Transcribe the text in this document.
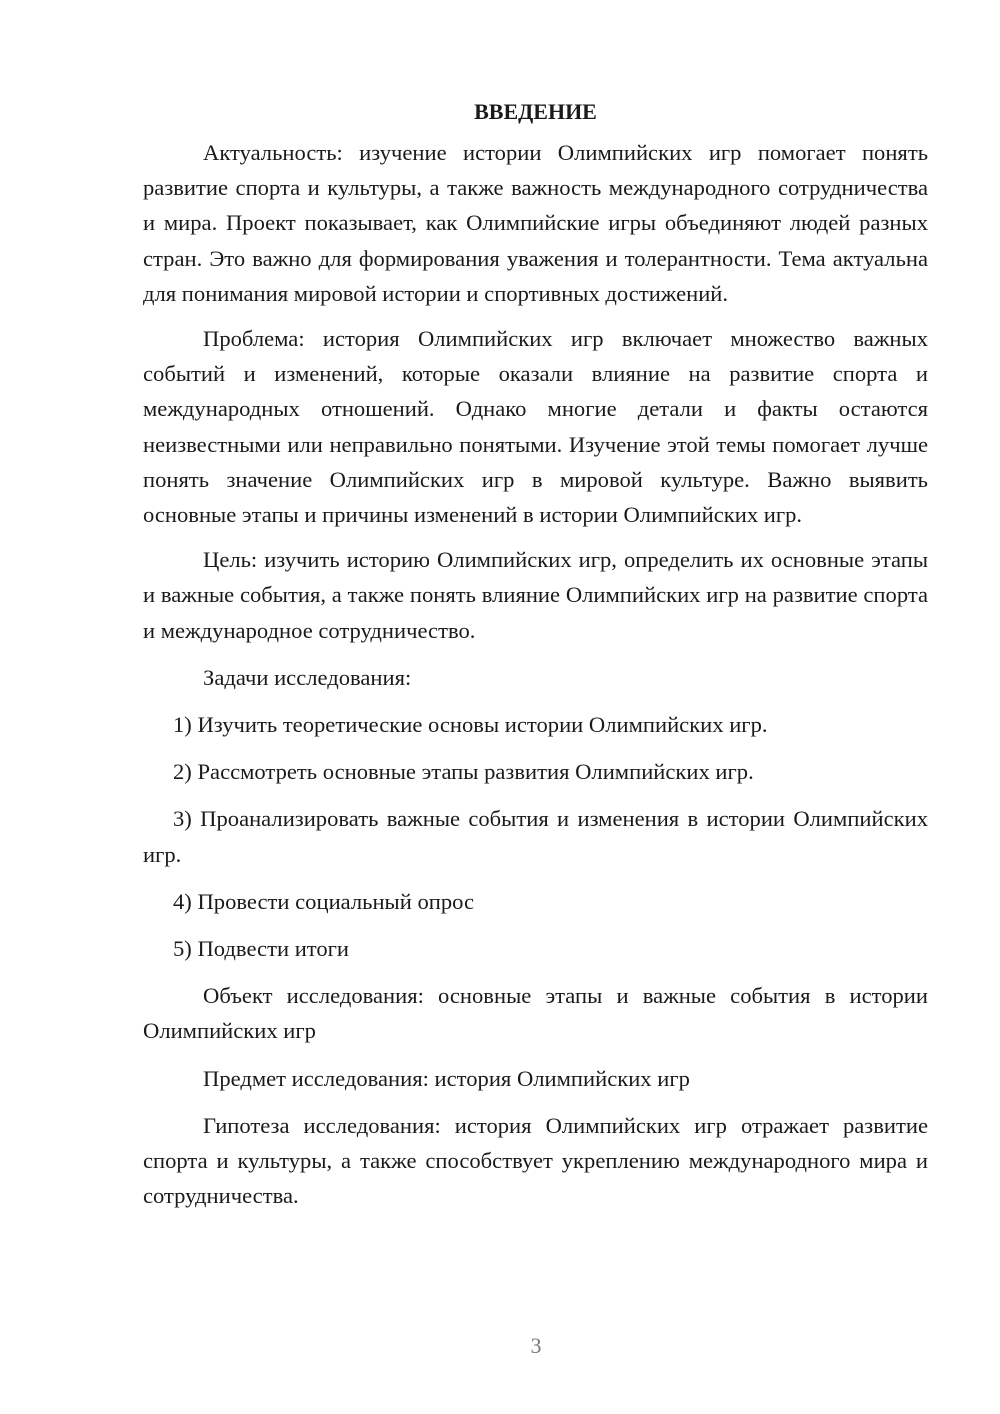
ВВЕДЕНИЕ

Актуальность: изучение истории Олимпийских игр помогает понять развитие спорта и культуры, а также важность международного сотрудничества и мира. Проект показывает, как Олимпийские игры объединяют людей разных стран. Это важно для формирования уважения и толерантности. Тема актуальна для понимания мировой истории и спортивных достижений.

Проблема: история Олимпийских игр включает множество важных событий и изменений, которые оказали влияние на развитие спорта и международных отношений. Однако многие детали и факты остаются неизвестными или неправильно понятыми. Изучение этой темы помогает лучше понять значение Олимпийских игр в мировой культуре. Важно выявить основные этапы и причины изменений в истории Олимпийских игр.

Цель: изучить историю Олимпийских игр, определить их основные этапы и важные события, а также понять влияние Олимпийских игр на развитие спорта и международное сотрудничество.

Задачи исследования:

1) Изучить теоретические основы истории Олимпийских игр.

2) Рассмотреть основные этапы развития Олимпийских игр.

3) Проанализировать важные события и изменения в истории Олимпийских игр.

4) Провести социальный опрос

5) Подвести итоги

Объект исследования: основные этапы и важные события в истории Олимпийских игр

Предмет исследования: история Олимпийских игр

Гипотеза исследования: история Олимпийских игр отражает развитие спорта и культуры, а также способствует укреплению международного мира и сотрудничества.

3
